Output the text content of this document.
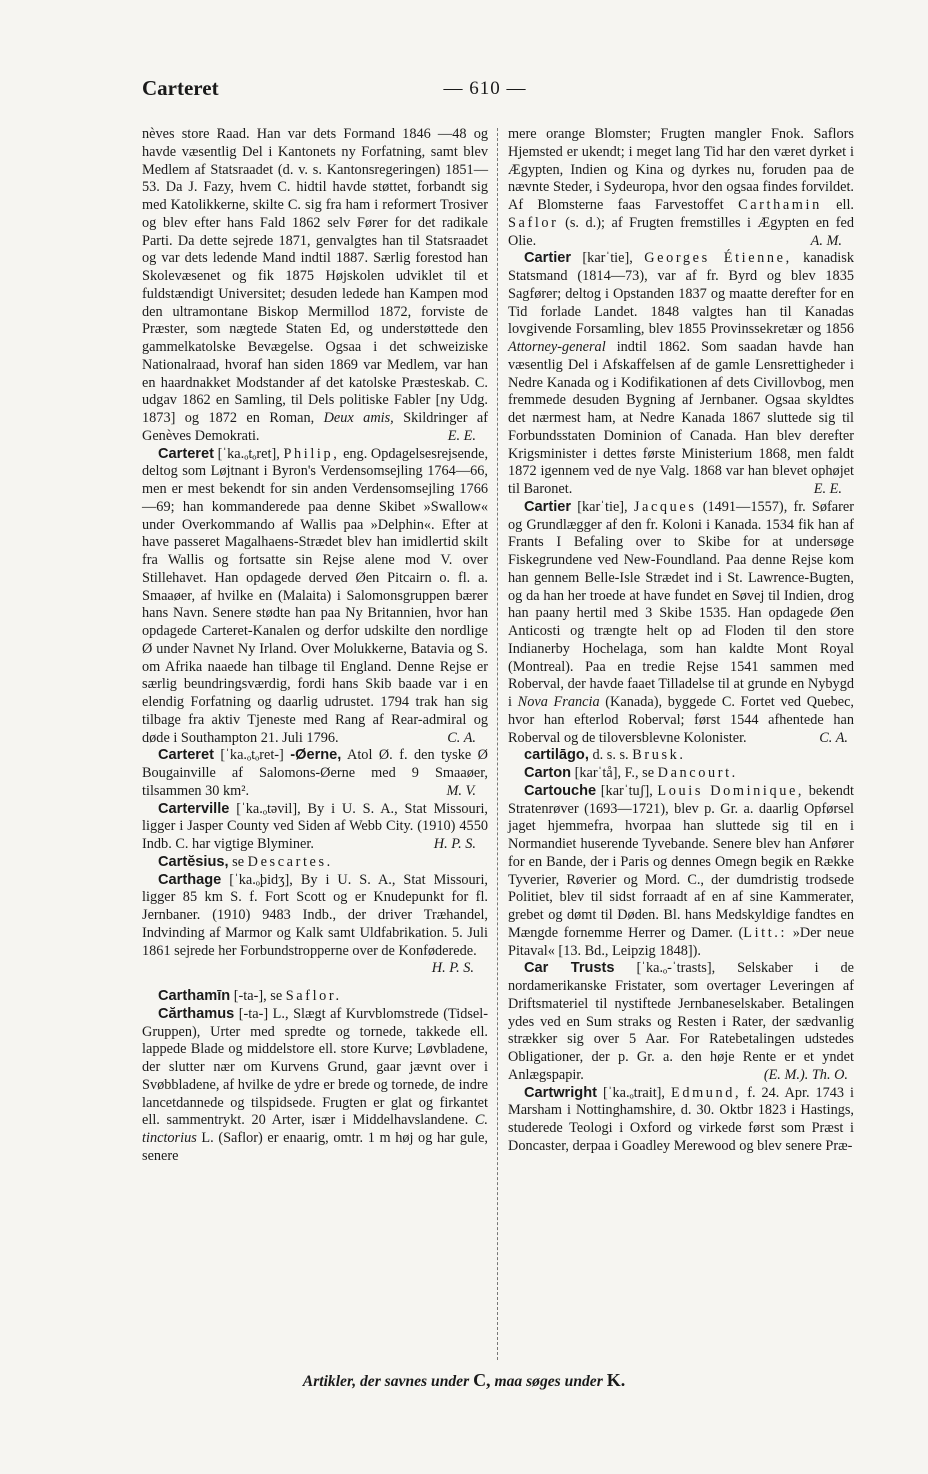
Carteret	— 610 —

nèves store Raad. Han var dets Formand 1846 —48 og havde væsentlig Del i Kantonets ny Forfatning, samt blev Medlem af Statsraadet (d. v. s. Kantonsregeringen) 1851—53. Da J. Fazy, hvem C. hidtil havde støttet, forbandt sig med Katolikkerne, skilte C. sig fra ham i reformert Trosiver og blev efter hans Fald 1862 selv Fører for det radikale Parti. Da dette sejrede 1871, genvalgtes han til Statsraadet og var dets ledende Mand indtil 1887. Særlig forestod han Skolevæsenet og fik 1875 Højskolen udviklet til et fuldstændigt Universitet; desuden ledede han Kampen mod den ultramontane Biskop Mermillod 1872, forviste de Præster, som nægtede Staten Ed, og understøttede den gammelkatolske Bevægelse. Ogsaa i det schweiziske Nationalraad, hvoraf han siden 1869 var Medlem, var han en haardnakket Modstander af det katolske Præsteskab. C. udgav 1862 en Samling, til Dels politiske Fabler [ny Udg. 1873] og 1872 en Roman, Deux amis, Skildringer af Genèves Demokrati.	E. E.

Carteret [ˈka.ₒtₒret], Philip, eng. Opdagelsesrejsende, deltog som Løjtnant i Byron's Verdensomsejling 1764—66, men er mest bekendt for sin anden Verdensomsejling 1766—69; han kommanderede paa denne Skibet »Swallow« under Overkommando af Wallis paa »Delphin«. Efter at have passeret Magalhaens-Strædet blev han imidlertid skilt fra Wallis og fortsatte sin Rejse alene mod V. over Stillehavet. Han opdagede derved Øen Pitcairn o. fl. a. Smaaøer, af hvilke en (Malaita) i Salomonsgruppen bærer hans Navn. Senere stødte han paa Ny Britannien, hvor han opdagede Carteret-Kanalen og derfor udskilte den nordlige Ø under Navnet Ny Irland. Over Molukkerne, Batavia og S. om Afrika naaede han tilbage til England. Denne Rejse er særlig beundringsværdig, fordi hans Skib baade var i en elendig Forfatning og daarlig udrustet. 1794 trak han sig tilbage fra aktiv Tjeneste med Rang af Rear-admiral og døde i Southampton 21. Juli 1796.	C. A.

Carteret [ˈka.ₒtₒret-] -Øerne, Atol Ø. f. den tyske Ø Bougainville af Salomons-Øerne med 9 Smaaøer, tilsammen 30 km².	M. V.

Carterville [ˈka.ₒtəvil], By i U. S. A., Stat Missouri, ligger i Jasper County ved Siden af Webb City. (1910) 4550 Indb. C. har vigtige Blyminer.	H. P. S.

Cartĕsius, se Descartes.

Carthage [ˈka.ₒþidʒ], By i U. S. A., Stat Missouri, ligger 85 km S. f. Fort Scott og er Knudepunkt for fl. Jernbaner. (1910) 9483 Indb., der driver Træhandel, Indvinding af Marmor og Kalk samt Uldfabrikation. 5. Juli 1861 sejrede her Forbundstropperne over de Konføderede.
H. P. S.

Carthamīn [-ta-], se Saflor.

Cărthamus [-ta-] L., Slægt af Kurvblomstrede (Tidsel-Gruppen), Urter med spredte og tornede, takkede ell. lappede Blade og middelstore ell. store Kurve; Løvbladene, der slutter nær om Kurvens Grund, gaar jævnt over i Svøbbladene, af hvilke de ydre er brede og tornede, de indre lancetdannede og tilspidsede. Frugten er glat og firkantet ell. sammentrykt. 20 Arter, især i Middelhavslandene. C. tinctorius L. (Saflor) er enaarig, omtr. 1 m høj og har gule, senere

mere orange Blomster; Frugten mangler Fnok. Saflors Hjemsted er ukendt; i meget lang Tid har den været dyrket i Ægypten, Indien og Kina og dyrkes nu, foruden paa de nævnte Steder, i Sydeuropa, hvor den ogsaa findes forvildet. Af Blomsterne faas Farvestoffet Carthamin ell. Saflor (s. d.); af Frugten fremstilles i Ægypten en fed Olie.	A. M.

Cartier [karˈtie], Georges Étienne, kanadisk Statsmand (1814—73), var af fr. Byrd og blev 1835 Sagfører; deltog i Opstanden 1837 og maatte derefter for en Tid forlade Landet. 1848 valgtes han til Kanadas lovgivende Forsamling, blev 1855 Provinssekretær og 1856 Attorney-general indtil 1862. Som saadan havde han væsentlig Del i Afskaffelsen af de gamle Lensrettigheder i Nedre Kanada og i Kodifikationen af dets Civillovbog, men fremmede desuden Bygning af Jernbaner. Ogsaa skyldtes det nærmest ham, at Nedre Kanada 1867 sluttede sig til Forbundsstaten Dominion of Canada. Han blev derefter Krigsminister i dettes første Ministerium 1868, men faldt 1872 igennem ved de nye Valg. 1868 var han blevet ophøjet til Baronet.	E. E.

Cartier [karˈtie], Jacques (1491—1557), fr. Søfarer og Grundlægger af den fr. Koloni i Kanada. 1534 fik han af Frants I Befaling over to Skibe for at undersøge Fiskegrundene ved New-Foundland. Paa denne Rejse kom han gennem Belle-Isle Strædet ind i St. Lawrence-Bugten, og da han her troede at have fundet en Søvej til Indien, drog han paany hertil med 3 Skibe 1535. Han opdagede Øen Anticosti og trængte helt op ad Floden til den store Indianerby Hochelaga, som han kaldte Mont Royal (Montreal). Paa en tredie Rejse 1541 sammen med Roberval, der havde faaet Tilladelse til at grunde en Nybygd i Nova Francia (Kanada), byggede C. Fortet ved Quebec, hvor han efterlod Roberval; først 1544 afhentede han Roberval og de tiloversblevne Kolonister.	C. A.

cartilāgo, d. s. s. Brusk.

Carton [karˈtå], F., se Dancourt.

Cartouche [karˈtuʃ], Louis Dominique, bekendt Stratenrøver (1693—1721), blev p. Gr. a. daarlig Opførsel jaget hjemmefra, hvorpaa han sluttede sig til en i Normandiet huserende Tyvebande. Senere blev han Anfører for en Bande, der i Paris og dennes Omegn begik en Række Tyverier, Røverier og Mord. C., der dumdristig trodsede Politiet, blev til sidst forraadt af en af sine Kammerater, grebet og dømt til Døden. Bl. hans Medskyldige fandtes en Mængde fornemme Herrer og Damer. (Litt.: »Der neue Pitaval« [13. Bd., Leipzig 1848]).

Car Trusts [ˈka.ₒ-ˈtrasts], Selskaber i de nordamerikanske Fristater, som overtager Leveringen af Driftsmateriel til nystiftede Jernbaneselskaber. Betalingen ydes ved en Sum straks og Resten i Rater, der sædvanlig strækker sig over 5 Aar. For Ratebetalingen udstedes Obligationer, der p. Gr. a. den høje Rente er et yndet Anlægspapir.	(E. M.). Th. O.

Cartwright [ˈka.ₒtrait], Edmund, f. 24. Apr. 1743 i Marsham i Nottinghamshire, d. 30. Oktbr 1823 i Hastings, studerede Teologi i Oxford og virkede først som Præst i Doncaster, derpaa i Goadley Merewood og blev senere Præ-

Artikler, der savnes under C, maa søges under K.
